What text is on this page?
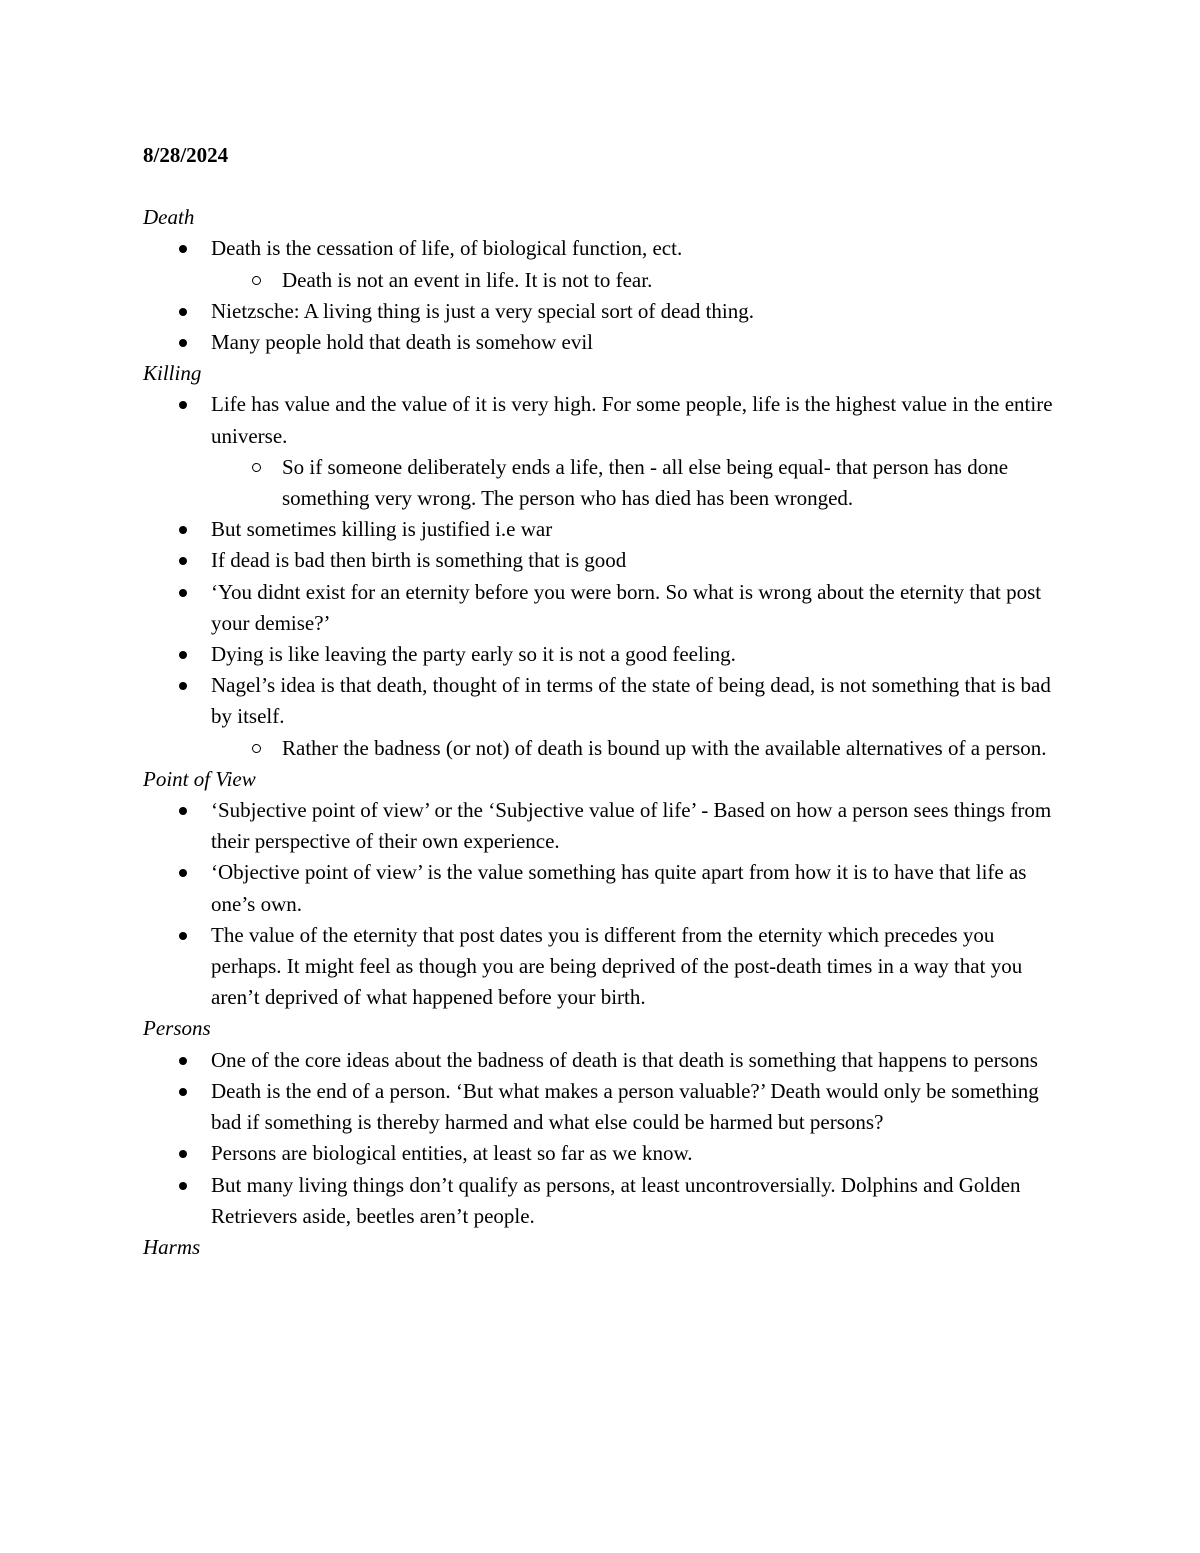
8/28/2024
Death
Death is the cessation of life, of biological function, ect.
Death is not an event in life. It is not to fear.
Nietzsche: A living thing is just a very special sort of dead thing.
Many people hold that death is somehow evil
Killing
Life has value and the value of it is very high. For some people, life is the highest value in the entire universe.
So if someone deliberately ends a life, then - all else being equal- that person has done something very wrong. The person who has died has been wronged.
But sometimes killing is justified i.e war
If dead is bad then birth is something that is good
‘You didnt exist for an eternity before you were born. So what is wrong about the eternity that post your demise?’
Dying is like leaving the party early so it is not a good feeling.
Nagel’s idea is that death, thought of in terms of the state of being dead, is not something that is bad by itself.
Rather the badness (or not) of death is bound up with the available alternatives of a person.
Point of View
‘Subjective point of view’ or the ‘Subjective value of life’ - Based on how a person sees things from their perspective of their own experience.
‘Objective point of view’ is the value something has quite apart from how it is to have that life as one’s own.
The value of the eternity that post dates you is different from the eternity which precedes you perhaps. It might feel as though you are being deprived of the post-death times in a way that you aren’t deprived of what happened before your birth.
Persons
One of the core ideas about the badness of death is that death is something that happens to persons
Death is the end of a person. ‘But what makes a person valuable?’ Death would only be something bad if something is thereby harmed and what else could be harmed but persons?
Persons are biological entities, at least so far as we know.
But many living things don’t qualify as persons, at least uncontroversially. Dolphins and Golden Retrievers aside, beetles aren’t people.
Harms
